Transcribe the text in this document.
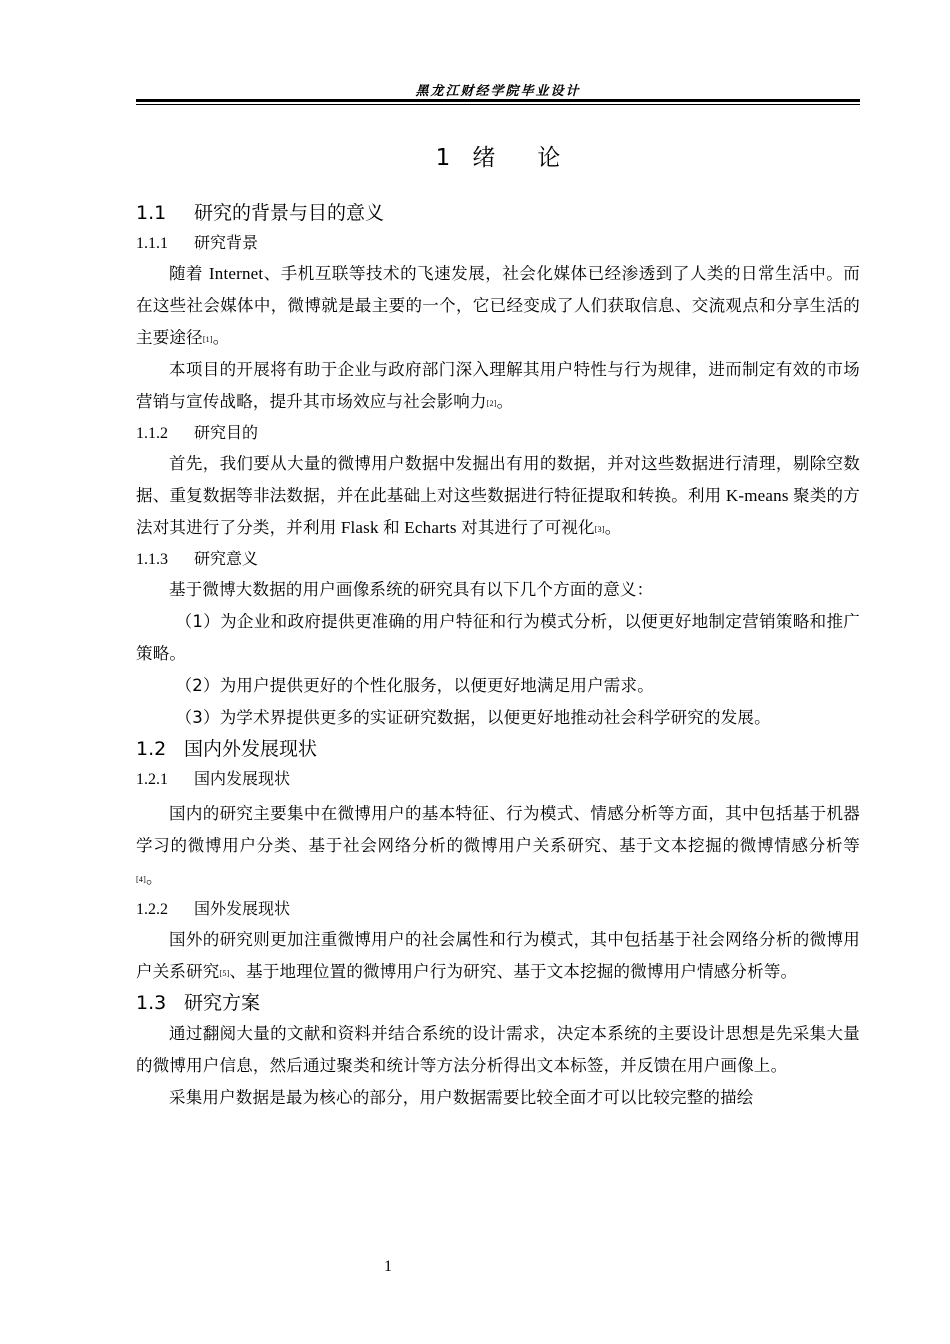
黑龙江财经学院毕业设计
1 绪论
1.1 研究的背景与目的意义
1.1.1 研究背景

随着 Internet、手机互联等技术的飞速发展，社会化媒体已经渗透到了人类的日常生活中。而在这些社会媒体中，微博就是最主要的一个，它已经变成了人们获取信息、交流观点和分享生活的主要途径[1]。

本项目的开展将有助于企业与政府部门深入理解其用户特性与行为规律，进而制定有效的市场营销与宣传战略，提升其市场效应与社会影响力[2]。

1.1.2 研究目的

首先，我们要从大量的微博用户数据中发掘出有用的数据，并对这些数据进行清理，剔除空数据、重复数据等非法数据，并在此基础上对这些数据进行特征提取和转换。利用 K-means 聚类的方法对其进行了分类，并利用 Flask 和 Echarts 对其进行了可视化[3]。

1.1.3 研究意义

基于微博大数据的用户画像系统的研究具有以下几个方面的意义：

（1）为企业和政府提供更准确的用户特征和行为模式分析，以便更好地制定营销策略和推广策略。

（2）为用户提供更好的个性化服务，以便更好地满足用户需求。

（3）为学术界提供更多的实证研究数据，以便更好地推动社会科学研究的发展。

1.2 国内外发展现状
1.2.1 国内发展现状

国内的研究主要集中在微博用户的基本特征、行为模式、情感分析等方面，其中包括基于机器学习的微博用户分类、基于社会网络分析的微博用户关系研究、基于文本挖掘的微博情感分析等[4]。

1.2.2 国外发展现状

国外的研究则更加注重微博用户的社会属性和行为模式，其中包括基于社会网络分析的微博用户关系研究[5]、基于地理位置的微博用户行为研究、基于文本挖掘的微博用户情感分析等。

1.3 研究方案

通过翻阅大量的文献和资料并结合系统的设计需求，决定本系统的主要设计思想是先采集大量的微博用户信息，然后通过聚类和统计等方法分析得出文本标签，并反馈在用户画像上。

采集用户数据是最为核心的部分，用户数据需要比较全面才可以比较完整的描绘

1
